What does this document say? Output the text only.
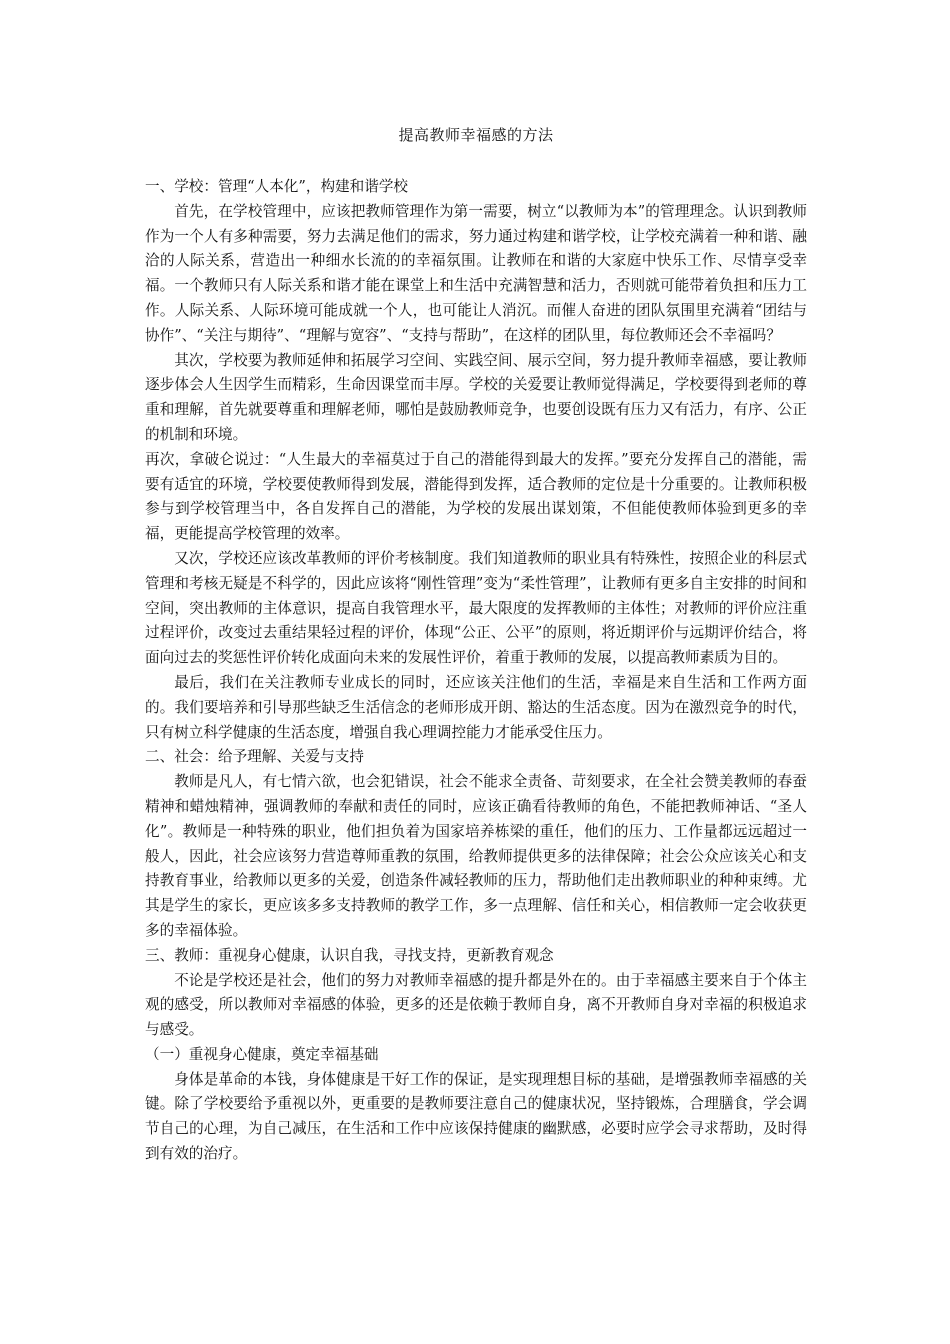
提高教师幸福感的方法

一、学校：管理“人本化”，构建和谐学校

首先，在学校管理中，应该把教师管理作为第一需要，树立“以教师为本”的管理理念。认识到教师作为一个人有多种需要，努力去满足他们的需求，努力通过构建和谐学校，让学校充满着一种和谐、融洽的人际关系，营造出一种细水长流的的幸福氛围。让教师在和谐的大家庭中快乐工作、尽情享受幸福。一个教师只有人际关系和谐才能在课堂上和生活中充满智慧和活力，否则就可能带着负担和压力工作。人际关系、人际环境可能成就一个人，也可能让人消沉。而催人奋进的团队氛围里充满着“团结与协作”、“关注与期待”、“理解与宽容”、“支持与帮助”，在这样的团队里，每位教师还会不幸福吗？

其次，学校要为教师延伸和拓展学习空间、实践空间、展示空间，努力提升教师幸福感，要让教师逐步体会人生因学生而精彩，生命因课堂而丰厚。学校的关爱要让教师觉得满足，学校要得到老师的尊重和理解，首先就要尊重和理解老师，哪怕是鼓励教师竞争，也要创设既有压力又有活力，有序、公正的机制和环境。

再次，拿破仑说过：“人生最大的幸福莫过于自己的潜能得到最大的发挥。”要充分发挥自己的潜能，需要有适宜的环境，学校要使教师得到发展，潜能得到发挥，适合教师的定位是十分重要的。让教师积极参与到学校管理当中，各自发挥自己的潜能，为学校的发展出谋划策，不但能使教师体验到更多的幸福，更能提高学校管理的效率。

又次，学校还应该改革教师的评价考核制度。我们知道教师的职业具有特殊性，按照企业的科层式管理和考核无疑是不科学的，因此应该将“刚性管理”变为“柔性管理”，让教师有更多自主安排的时间和空间，突出教师的主体意识，提高自我管理水平，最大限度的发挥教师的主体性；对教师的评价应注重过程评价，改变过去重结果轻过程的评价，体现“公正、公平”的原则，将近期评价与远期评价结合，将面向过去的奖惩性评价转化成面向未来的发展性评价，着重于教师的发展，以提高教师素质为目的。

最后，我们在关注教师专业成长的同时，还应该关注他们的生活，幸福是来自生活和工作两方面的。我们要培养和引导那些缺乏生活信念的老师形成开朗、豁达的生活态度。因为在激烈竞争的时代，只有树立科学健康的生活态度，增强自我心理调控能力才能承受住压力。

二、社会：给予理解、关爱与支持

教师是凡人，有七情六欲，也会犯错误，社会不能求全责备、苛刻要求，在全社会赞美教师的春蚕精神和蜡烛精神，强调教师的奉献和责任的同时，应该正确看待教师的角色，不能把教师神话、“圣人化”。教师是一种特殊的职业，他们担负着为国家培养栋梁的重任，他们的压力、工作量都远远超过一般人，因此，社会应该努力营造尊师重教的氛围，给教师提供更多的法律保障；社会公众应该关心和支持教育事业，给教师以更多的关爱，创造条件减轻教师的压力，帮助他们走出教师职业的种种束缚。尤其是学生的家长，更应该多多支持教师的教学工作，多一点理解、信任和关心，相信教师一定会收获更多的幸福体验。

三、教师：重视身心健康，认识自我，寻找支持，更新教育观念

不论是学校还是社会，他们的努力对教师幸福感的提升都是外在的。由于幸福感主要来自于个体主观的感受，所以教师对幸福感的体验，更多的还是依赖于教师自身，离不开教师自身对幸福的积极追求与感受。

（一）重视身心健康，奠定幸福基础

身体是革命的本钱，身体健康是干好工作的保证，是实现理想目标的基础，是增强教师幸福感的关键。除了学校要给予重视以外，更重要的是教师要注意自己的健康状况，坚持锻炼，合理膳食，学会调节自己的心理，为自己减压，在生活和工作中应该保持健康的幽默感，必要时应学会寻求帮助，及时得到有效的治疗。
